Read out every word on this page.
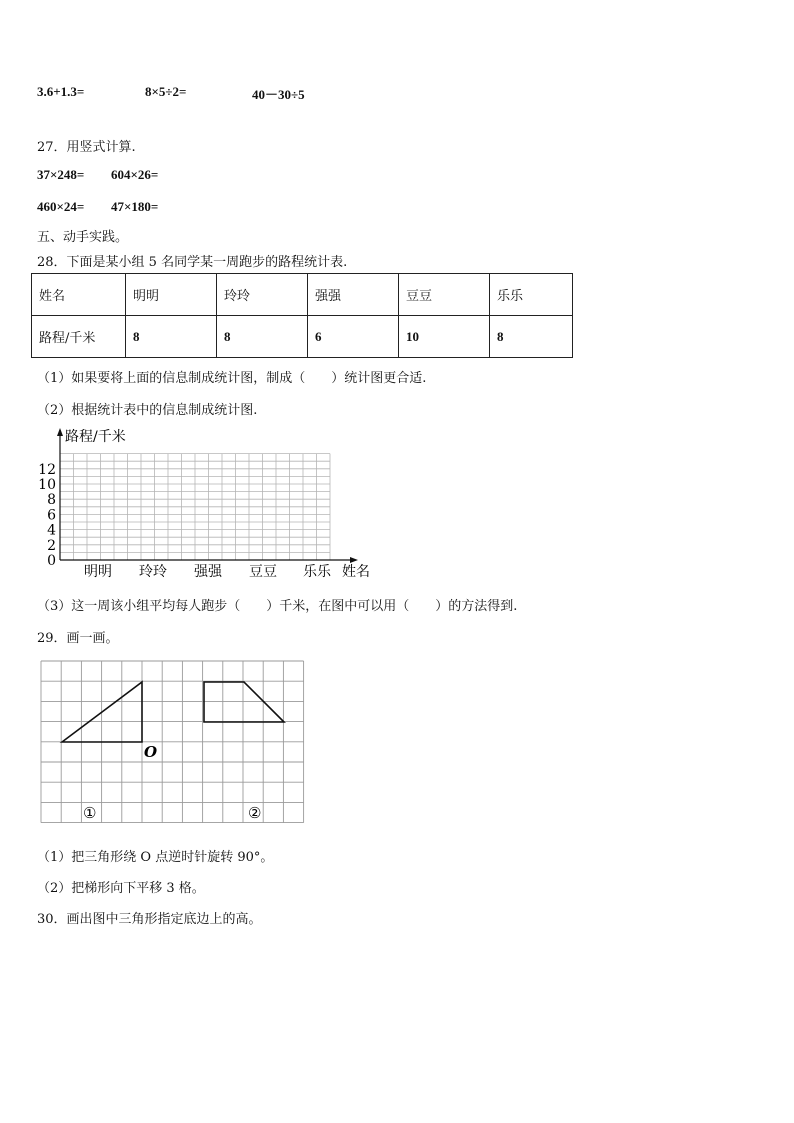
3.6+1.3=	8×5÷2=	40－30÷5
27．用竖式计算.
37×248= 604×26=
460×24= 47×180=
五、动手实践。
28．下面是某小组 5 名同学某一周跑步的路程统计表.
姓名	明明	玲玲	强强	豆豆	乐乐
路程/千米	8	8	6	10	8
（1）如果要将上面的信息制成统计图，制成（　　）统计图更合适.
（2）根据统计表中的信息制成统计图.
0
2
4
6
8
10
12
明明 玲玲 强强 豆豆 乐乐
路程/千米
姓名
（3）这一周该小组平均每人跑步（　　）千米，在图中可以用（　　）的方法得到.
29．画一画。
O
①	②
（1）把三角形绕 O 点逆时针旋转 90°。
（2）把梯形向下平移 3 格。
30．画出图中三角形指定底边上的高。
